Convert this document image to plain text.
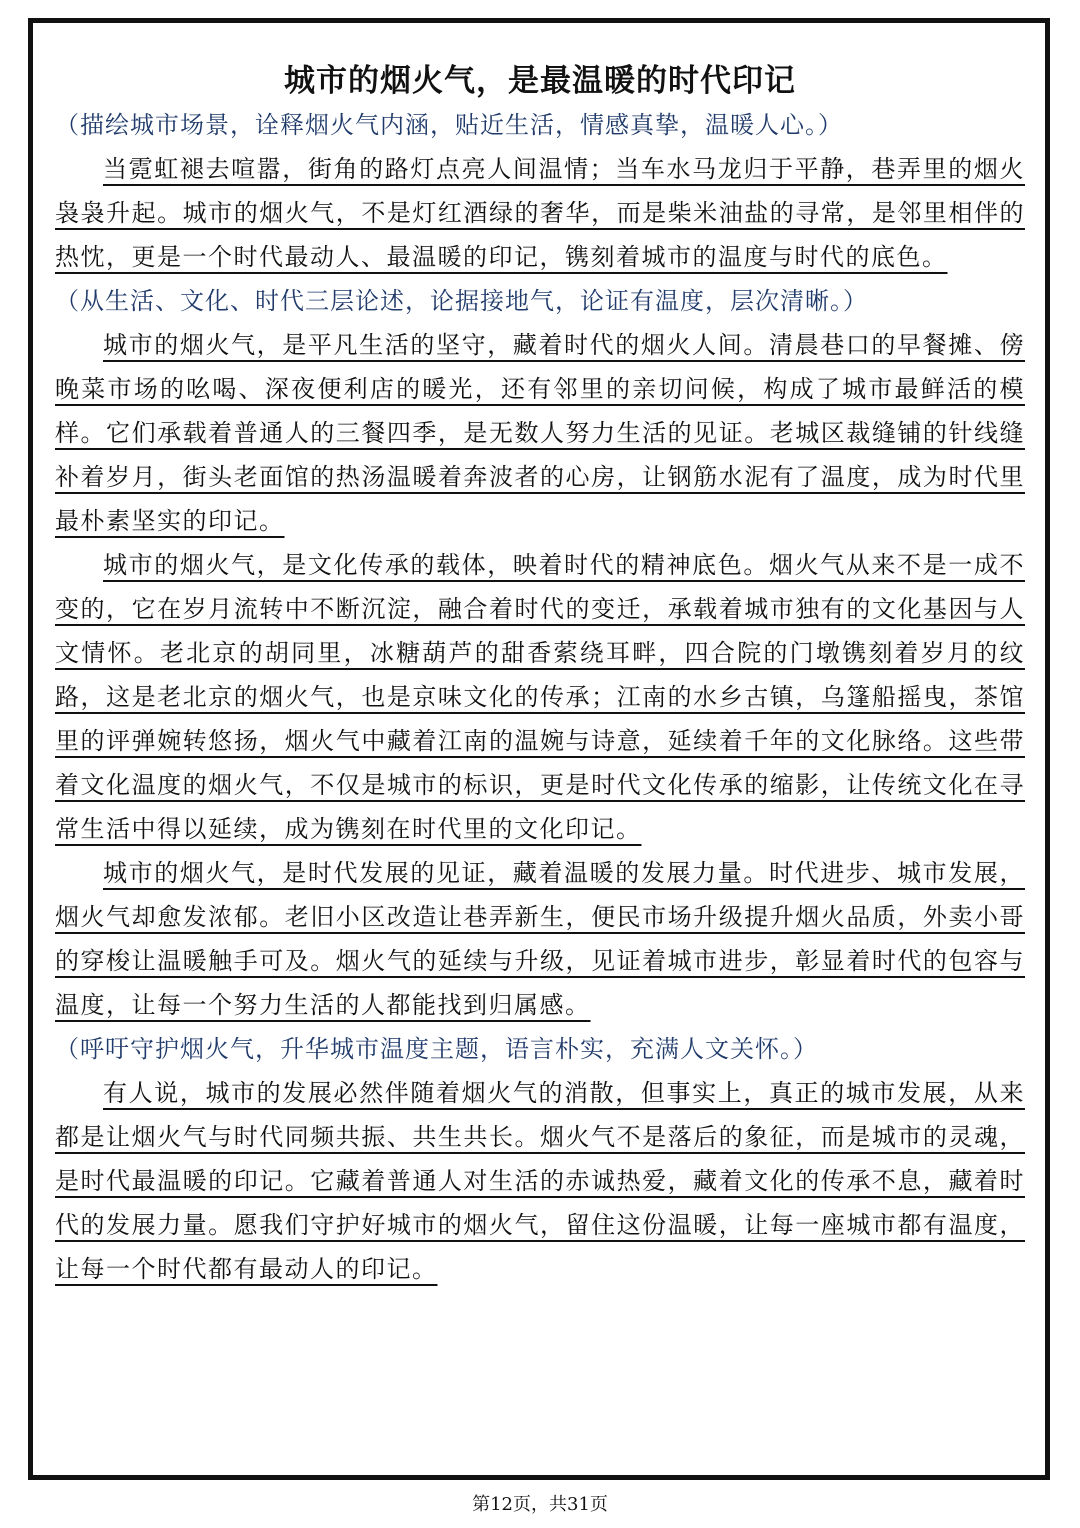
城市的烟火气，是最温暖的时代印记

（描绘城市场景，诠释烟火气内涵，贴近生活，情感真挚，温暖人心。）

当霓虹褪去喧嚣，街角的路灯点亮人间温情；当车水马龙归于平静，巷弄里的烟火袅袅升起。城市的烟火气，不是灯红酒绿的奢华，而是柴米油盐的寻常，是邻里相伴的热忱，更是一个时代最动人、最温暖的印记，镌刻着城市的温度与时代的底色。

（从生活、文化、时代三层论述，论据接地气，论证有温度，层次清晰。）

城市的烟火气，是平凡生活的坚守，藏着时代的烟火人间。清晨巷口的早餐摊、傍晚菜市场的吆喝、深夜便利店的暖光，还有邻里的亲切问候，构成了城市最鲜活的模样。它们承载着普通人的三餐四季，是无数人努力生活的见证。老城区裁缝铺的针线缝补着岁月，街头老面馆的热汤温暖着奔波者的心房，让钢筋水泥有了温度，成为时代里最朴素坚实的印记。

城市的烟火气，是文化传承的载体，映着时代的精神底色。烟火气从来不是一成不变的，它在岁月流转中不断沉淀，融合着时代的变迁，承载着城市独有的文化基因与人文情怀。老北京的胡同里，冰糖葫芦的甜香萦绕耳畔，四合院的门墩镌刻着岁月的纹路，这是老北京的烟火气，也是京味文化的传承；江南的水乡古镇，乌篷船摇曳，茶馆里的评弹婉转悠扬，烟火气中藏着江南的温婉与诗意，延续着千年的文化脉络。这些带着文化温度的烟火气，不仅是城市的标识，更是时代文化传承的缩影，让传统文化在寻常生活中得以延续，成为镌刻在时代里的文化印记。

城市的烟火气，是时代发展的见证，藏着温暖的发展力量。时代进步、城市发展，烟火气却愈发浓郁。老旧小区改造让巷弄新生，便民市场升级提升烟火品质，外卖小哥的穿梭让温暖触手可及。烟火气的延续与升级，见证着城市进步，彰显着时代的包容与温度，让每一个努力生活的人都能找到归属感。

（呼吁守护烟火气，升华城市温度主题，语言朴实，充满人文关怀。）

有人说，城市的发展必然伴随着烟火气的消散，但事实上，真正的城市发展，从来都是让烟火气与时代同频共振、共生共长。烟火气不是落后的象征，而是城市的灵魂，是时代最温暖的印记。它藏着普通人对生活的赤诚热爱，藏着文化的传承不息，藏着时代的发展力量。愿我们守护好城市的烟火气，留住这份温暖，让每一座城市都有温度，让每一个时代都有最动人的印记。

第12页，共31页
